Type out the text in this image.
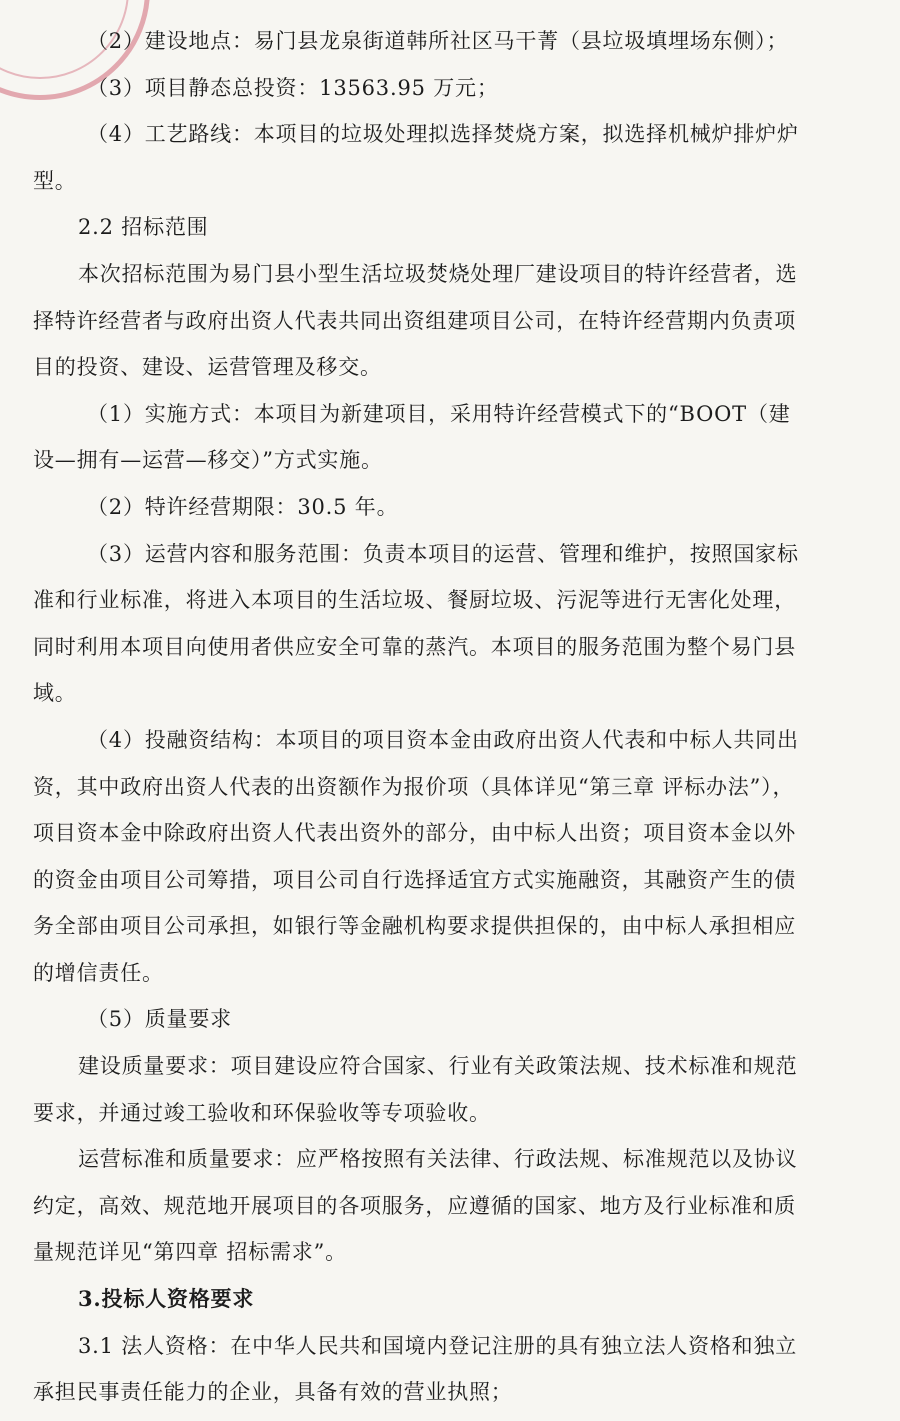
（2）建设地点：易门县龙泉街道韩所社区马干菁（县垃圾填埋场东侧）；

（3）项目静态总投资：13563.95 万元；

（4）工艺路线：本项目的垃圾处理拟选择焚烧方案，拟选择机械炉排炉炉

型。

2.2 招标范围

本次招标范围为易门县小型生活垃圾焚烧处理厂建设项目的特许经营者，选

择特许经营者与政府出资人代表共同出资组建项目公司，在特许经营期内负责项

目的投资、建设、运营管理及移交。

（1）实施方式：本项目为新建项目，采用特许经营模式下的“BOOT（建

设—拥有—运营—移交）”方式实施。

（2）特许经营期限：30.5 年。

（3）运营内容和服务范围：负责本项目的运营、管理和维护，按照国家标

准和行业标准，将进入本项目的生活垃圾、餐厨垃圾、污泥等进行无害化处理，

同时利用本项目向使用者供应安全可靠的蒸汽。本项目的服务范围为整个易门县

域。

（4）投融资结构：本项目的项目资本金由政府出资人代表和中标人共同出

资，其中政府出资人代表的出资额作为报价项（具体详见“第三章 评标办法”），

项目资本金中除政府出资人代表出资外的部分，由中标人出资；项目资本金以外

的资金由项目公司筹措，项目公司自行选择适宜方式实施融资，其融资产生的债

务全部由项目公司承担，如银行等金融机构要求提供担保的，由中标人承担相应

的增信责任。

（5）质量要求

建设质量要求：项目建设应符合国家、行业有关政策法规、技术标准和规范

要求，并通过竣工验收和环保验收等专项验收。

运营标准和质量要求：应严格按照有关法律、行政法规、标准规范以及协议

约定，高效、规范地开展项目的各项服务，应遵循的国家、地方及行业标准和质

量规范详见“第四章 招标需求”。

3.投标人资格要求

3.1 法人资格：在中华人民共和国境内登记注册的具有独立法人资格和独立

承担民事责任能力的企业，具备有效的营业执照；
